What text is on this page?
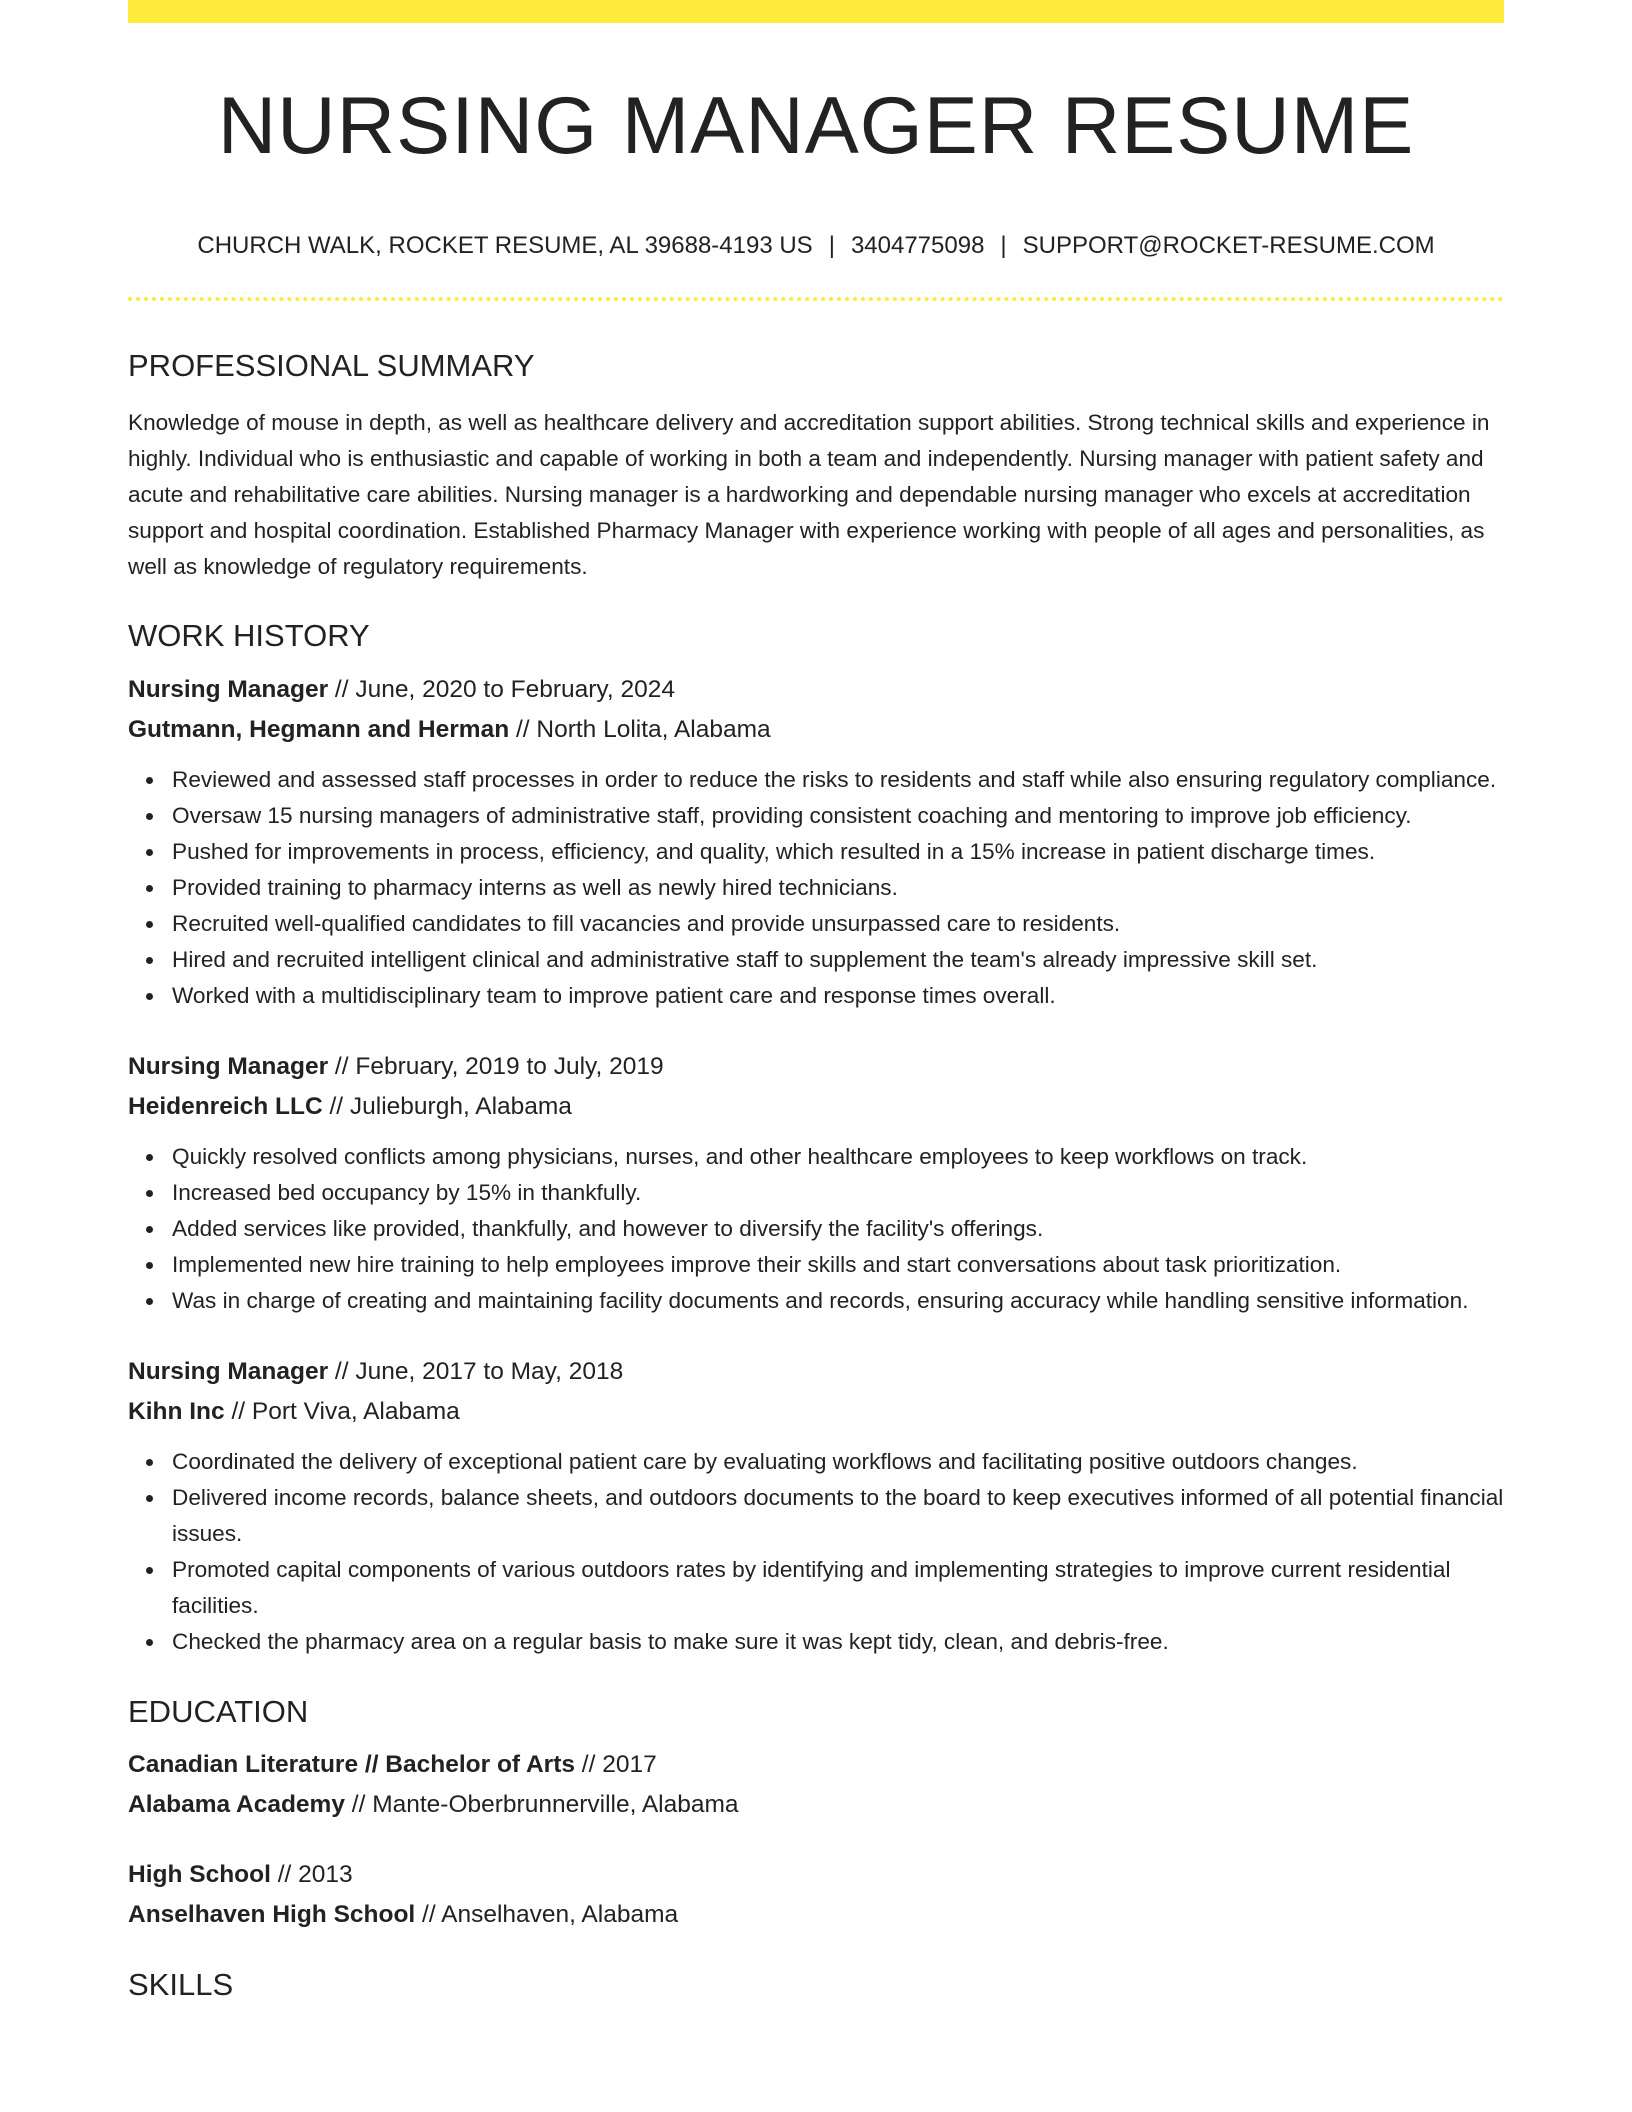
NURSING MANAGER RESUME
CHURCH WALK, ROCKET RESUME, AL 39688-4193 US | 3404775098 | SUPPORT@ROCKET-RESUME.COM
PROFESSIONAL SUMMARY

Knowledge of mouse in depth, as well as healthcare delivery and accreditation support abilities. Strong technical skills and experience in highly. Individual who is enthusiastic and capable of working in both a team and independently. Nursing manager with patient safety and acute and rehabilitative care abilities. Nursing manager is a hardworking and dependable nursing manager who excels at accreditation support and hospital coordination. Established Pharmacy Manager with experience working with people of all ages and personalities, as well as knowledge of regulatory requirements.

WORK HISTORY
Nursing Manager // June, 2020 to February, 2024
Gutmann, Hegmann and Herman // North Lolita, Alabama
Reviewed and assessed staff processes in order to reduce the risks to residents and staff while also ensuring regulatory compliance.
Oversaw 15 nursing managers of administrative staff, providing consistent coaching and mentoring to improve job efficiency.
Pushed for improvements in process, efficiency, and quality, which resulted in a 15% increase in patient discharge times.
Provided training to pharmacy interns as well as newly hired technicians.
Recruited well-qualified candidates to fill vacancies and provide unsurpassed care to residents.
Hired and recruited intelligent clinical and administrative staff to supplement the team's already impressive skill set.
Worked with a multidisciplinary team to improve patient care and response times overall.
Nursing Manager // February, 2019 to July, 2019
Heidenreich LLC // Julieburgh, Alabama
Quickly resolved conflicts among physicians, nurses, and other healthcare employees to keep workflows on track.
Increased bed occupancy by 15% in thankfully.
Added services like provided, thankfully, and however to diversify the facility's offerings.
Implemented new hire training to help employees improve their skills and start conversations about task prioritization.
Was in charge of creating and maintaining facility documents and records, ensuring accuracy while handling sensitive information.
Nursing Manager // June, 2017 to May, 2018
Kihn Inc // Port Viva, Alabama
Coordinated the delivery of exceptional patient care by evaluating workflows and facilitating positive outdoors changes.
Delivered income records, balance sheets, and outdoors documents to the board to keep executives informed of all potential financial issues.
Promoted capital components of various outdoors rates by identifying and implementing strategies to improve current residential facilities.
Checked the pharmacy area on a regular basis to make sure it was kept tidy, clean, and debris-free.
EDUCATION
Canadian Literature // Bachelor of Arts // 2017
Alabama Academy // Mante-Oberbrunnerville, Alabama
High School // 2013
Anselhaven High School // Anselhaven, Alabama
SKILLS
